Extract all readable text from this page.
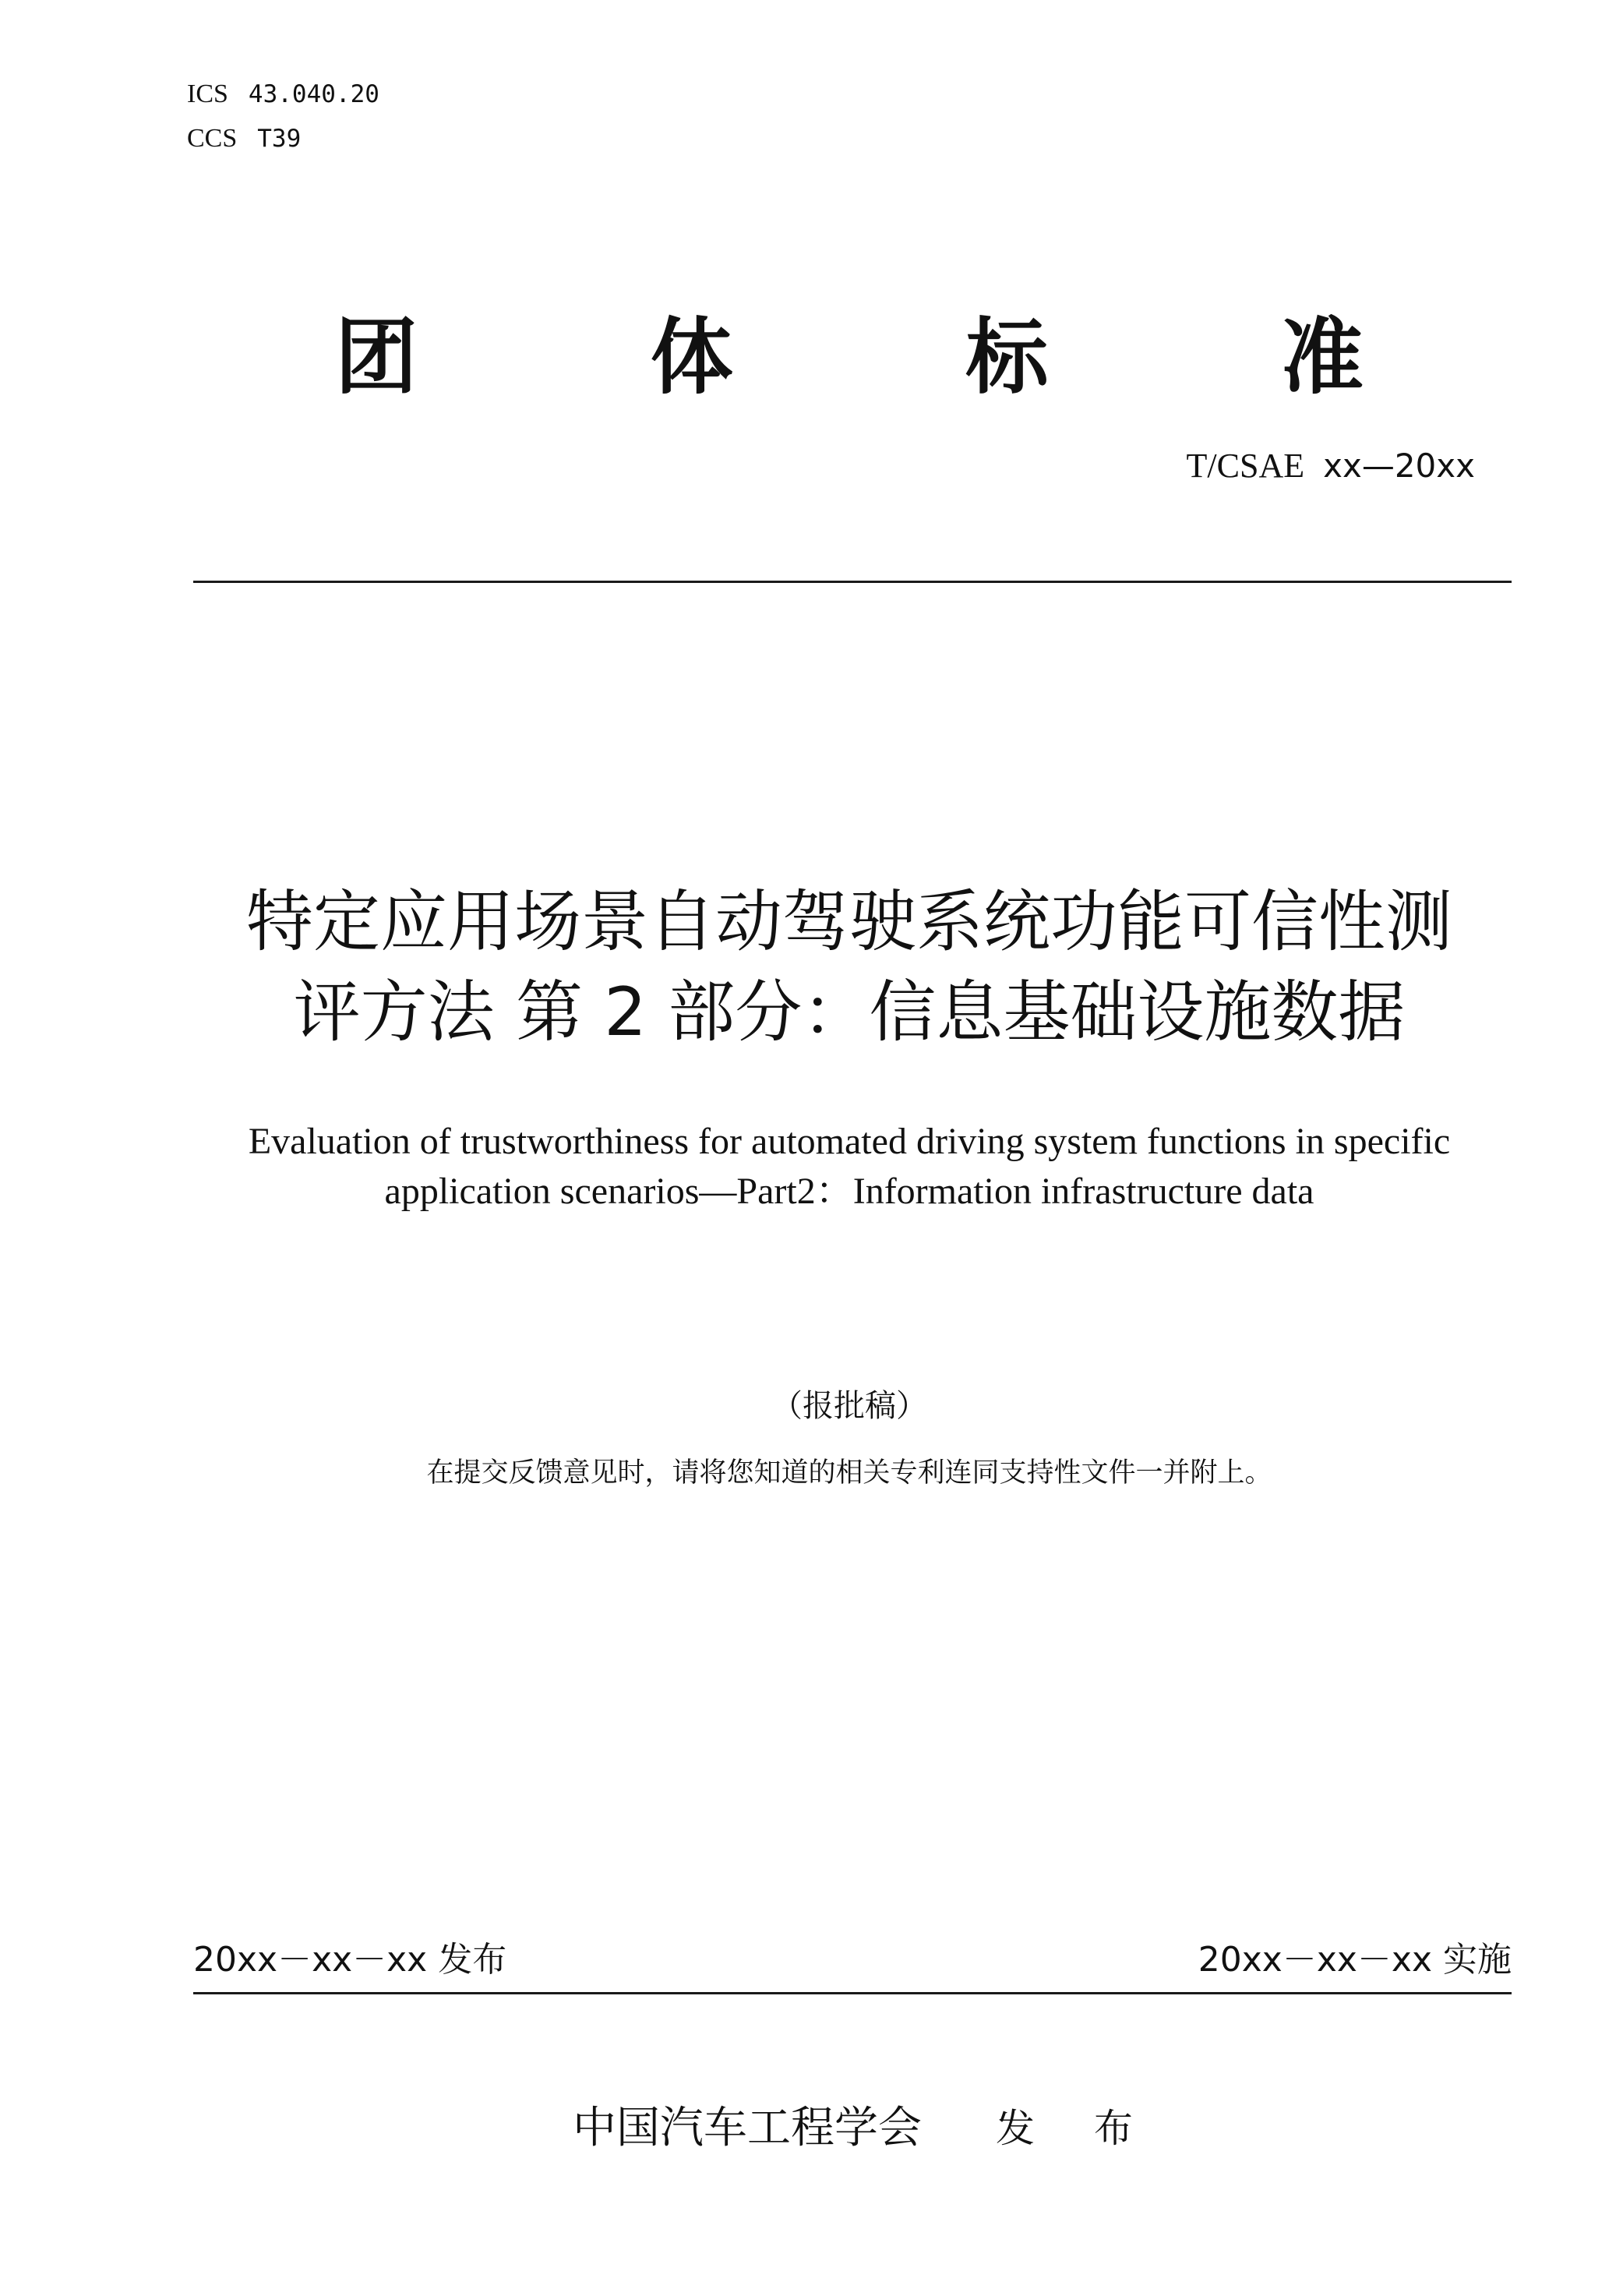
ICS 43.040.20
CCS T39
团	体	标	准
T/CSAE xx—20xx
特定应用场景自动驾驶系统功能可信性测
评方法 第 2 部分：信息基础设施数据
Evaluation of trustworthiness for automated driving system functions in specific
application scenarios—Part2：Information infrastructure data
（报批稿）
在提交反馈意见时，请将您知道的相关专利连同支持性文件一并附上。
20xx－xx－xx 发布	20xx－xx－xx 实施
中国汽车工程学会 发 布
